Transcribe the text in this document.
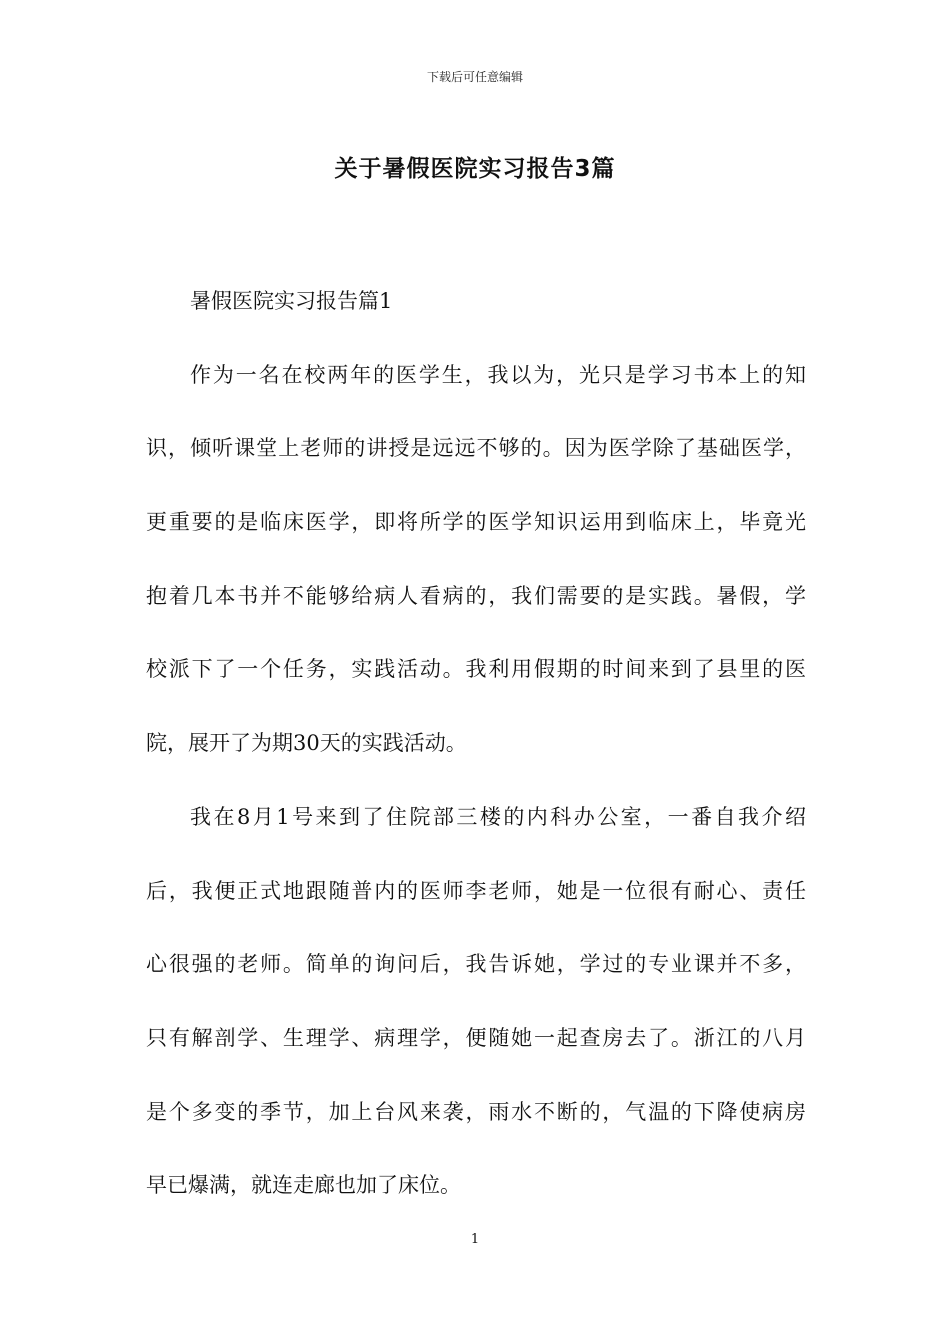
下载后可任意编辑
关于暑假医院实习报告3篇
暑假医院实习报告篇1
作为一名在校两年的医学生，我以为，光只是学习书本上的知
识，倾听课堂上老师的讲授是远远不够的。因为医学除了基础医学，
更重要的是临床医学，即将所学的医学知识运用到临床上，毕竟光
抱着几本书并不能够给病人看病的，我们需要的是实践。暑假，学
校派下了一个任务，实践活动。我利用假期的时间来到了县里的医
院，展开了为期30天的实践活动。
我在8月1号来到了住院部三楼的内科办公室，一番自我介绍
后，我便正式地跟随普内的医师李老师，她是一位很有耐心、责任
心很强的老师。简单的询问后，我告诉她，学过的专业课并不多，
只有解剖学、生理学、病理学，便随她一起查房去了。浙江的八月
是个多变的季节，加上台风来袭，雨水不断的，气温的下降使病房
早已爆满，就连走廊也加了床位。
1
